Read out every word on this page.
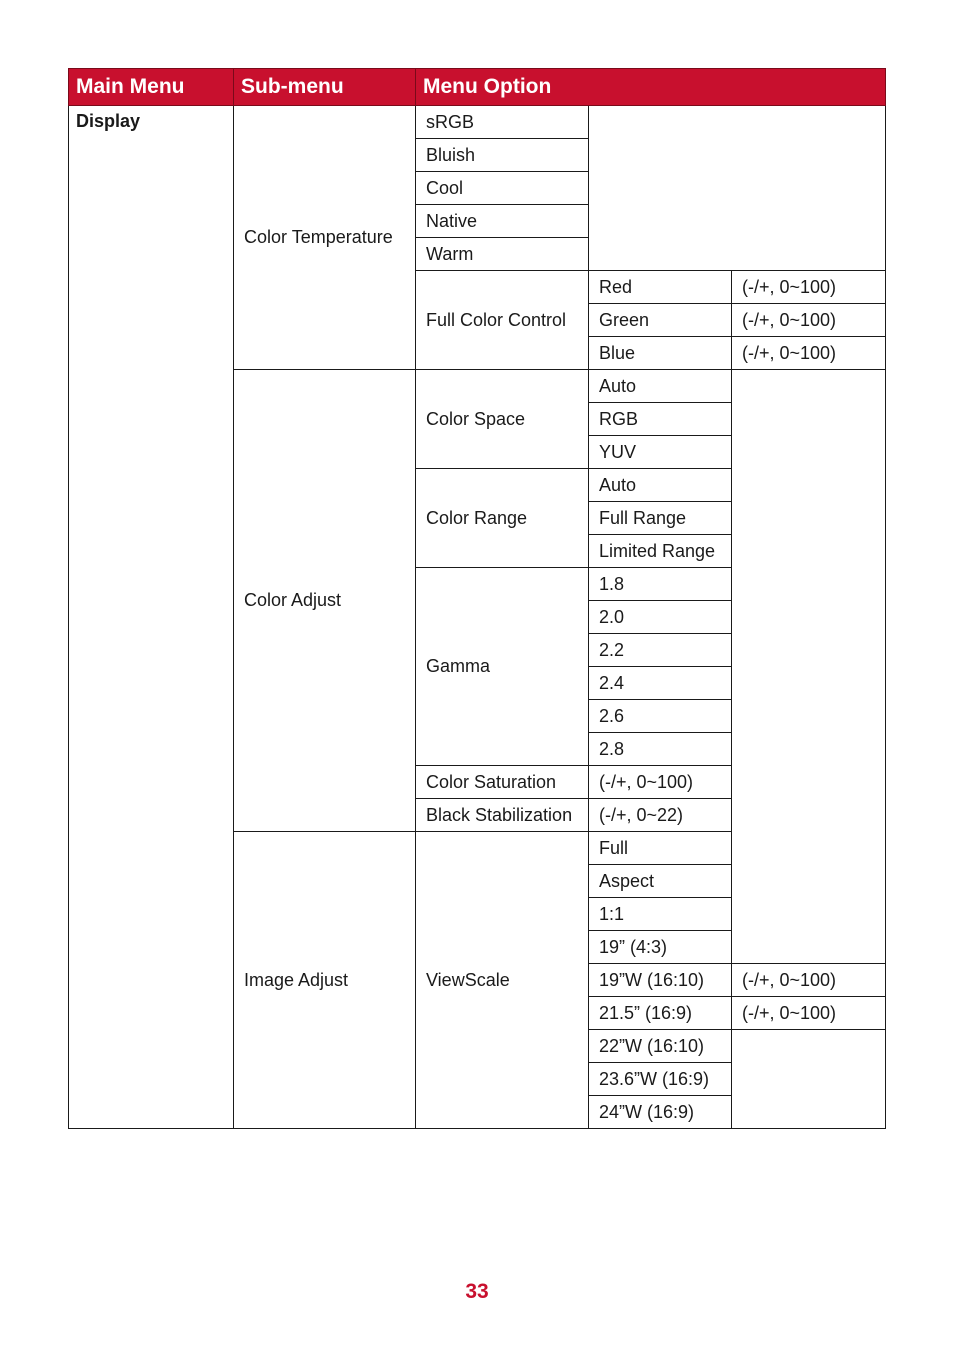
Main Menu	Sub-menu	Menu Option		
Display	Color Temperature	sRGB		
		Bluish		
		Cool		
		Native		
		Warm		
		Full Color Control	Red	(-/+, 0~100)
			Green	(-/+, 0~100)
			Blue	(-/+, 0~100)
	Color Adjust	Color Space	Auto	
			RGB	
			YUV	
		Color Range	Auto	
			Full Range	
			Limited Range	
		Gamma	1.8	
			2.0	
			2.2	
			2.4	
			2.6	
			2.8	
		Color Saturation	(-/+, 0~100)	
		Black Stabilization	(-/+, 0~22)	
	Image Adjust	ViewScale	Full	
			Aspect	
			1:1	
			19” (4:3)	
			19”W (16:10)	(-/+, 0~100)
			21.5” (16:9)	(-/+, 0~100)
			22”W (16:10)	
			23.6”W (16:9)	
			24”W (16:9)	
33
